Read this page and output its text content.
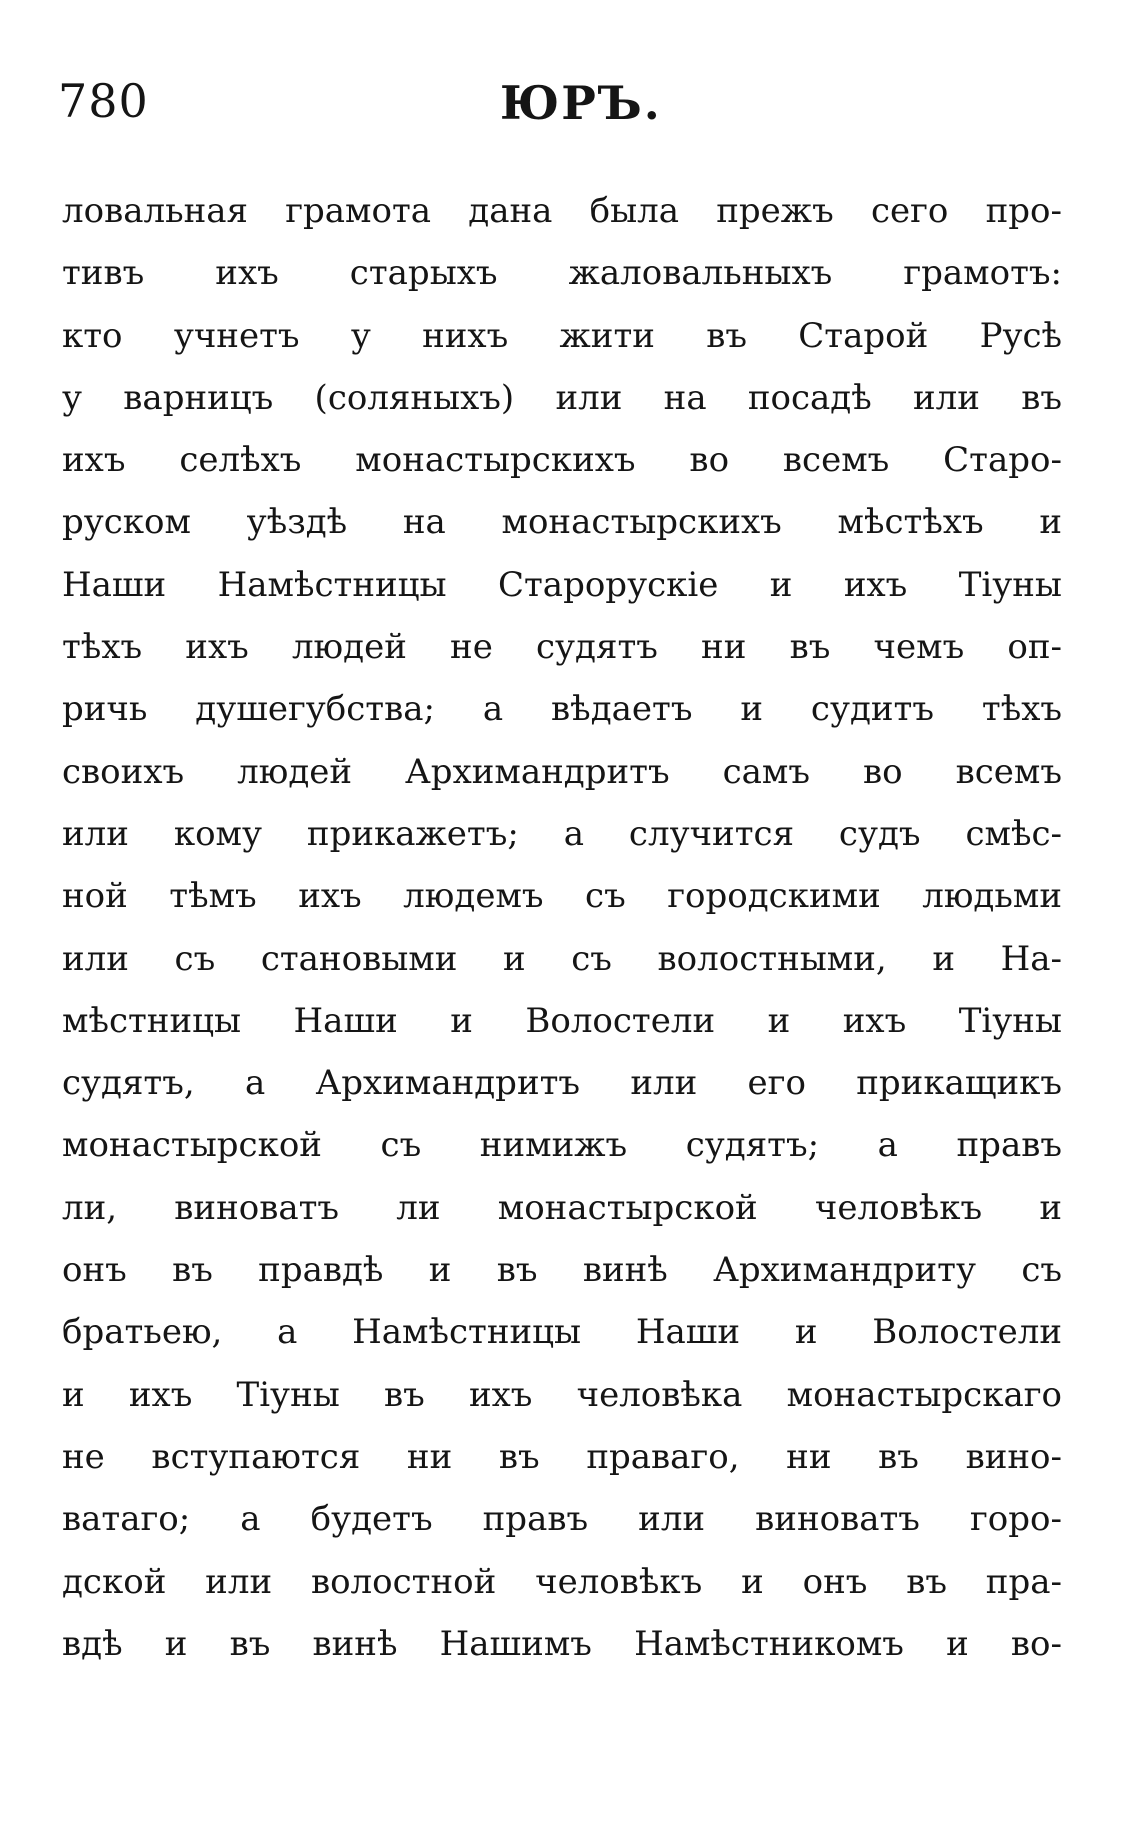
780	ЮРЪ.
ловальная грамота дана была прежъ сего про-
тивъ ихъ старыхъ жаловальныхъ грамотъ:
кто учнетъ у нихъ жити въ Старой Русѣ
у варницъ (соляныхъ) или на посадѣ или въ
ихъ селѣхъ монастырскихъ во всемъ Старо-
руском уѣздѣ на монастырскихъ мѣстѣхъ и
Наши Намѣстницы Старорускіе и ихъ Тіуны
тѣхъ ихъ людей не судятъ ни въ чемъ оп-
ричь душегубства; а вѣдаетъ и судитъ тѣхъ
своихъ людей Архимандритъ самъ во всемъ
или кому прикажетъ; а случится судъ смѣс-
ной тѣмъ ихъ людемъ съ городскими людьми
или съ становыми и съ волостными, и На-
мѣстницы Наши и Волостели и ихъ Тіуны
судятъ, а Архимандритъ или его прикащикъ
монастырской съ нимижъ судятъ; а правъ
ли, виноватъ ли монастырской человѣкъ и
онъ въ правдѣ и въ винѣ Архимандриту съ
братьею, а Намѣстницы Наши и Волостели
и ихъ Тіуны въ ихъ человѣка монастырскаго
не вступаются ни въ праваго, ни въ вино-
ватаго; а будетъ правъ или виноватъ горо-
дской или волостной человѣкъ и онъ въ пра-
вдѣ и въ винѣ Нашимъ Намѣстникомъ и во-
